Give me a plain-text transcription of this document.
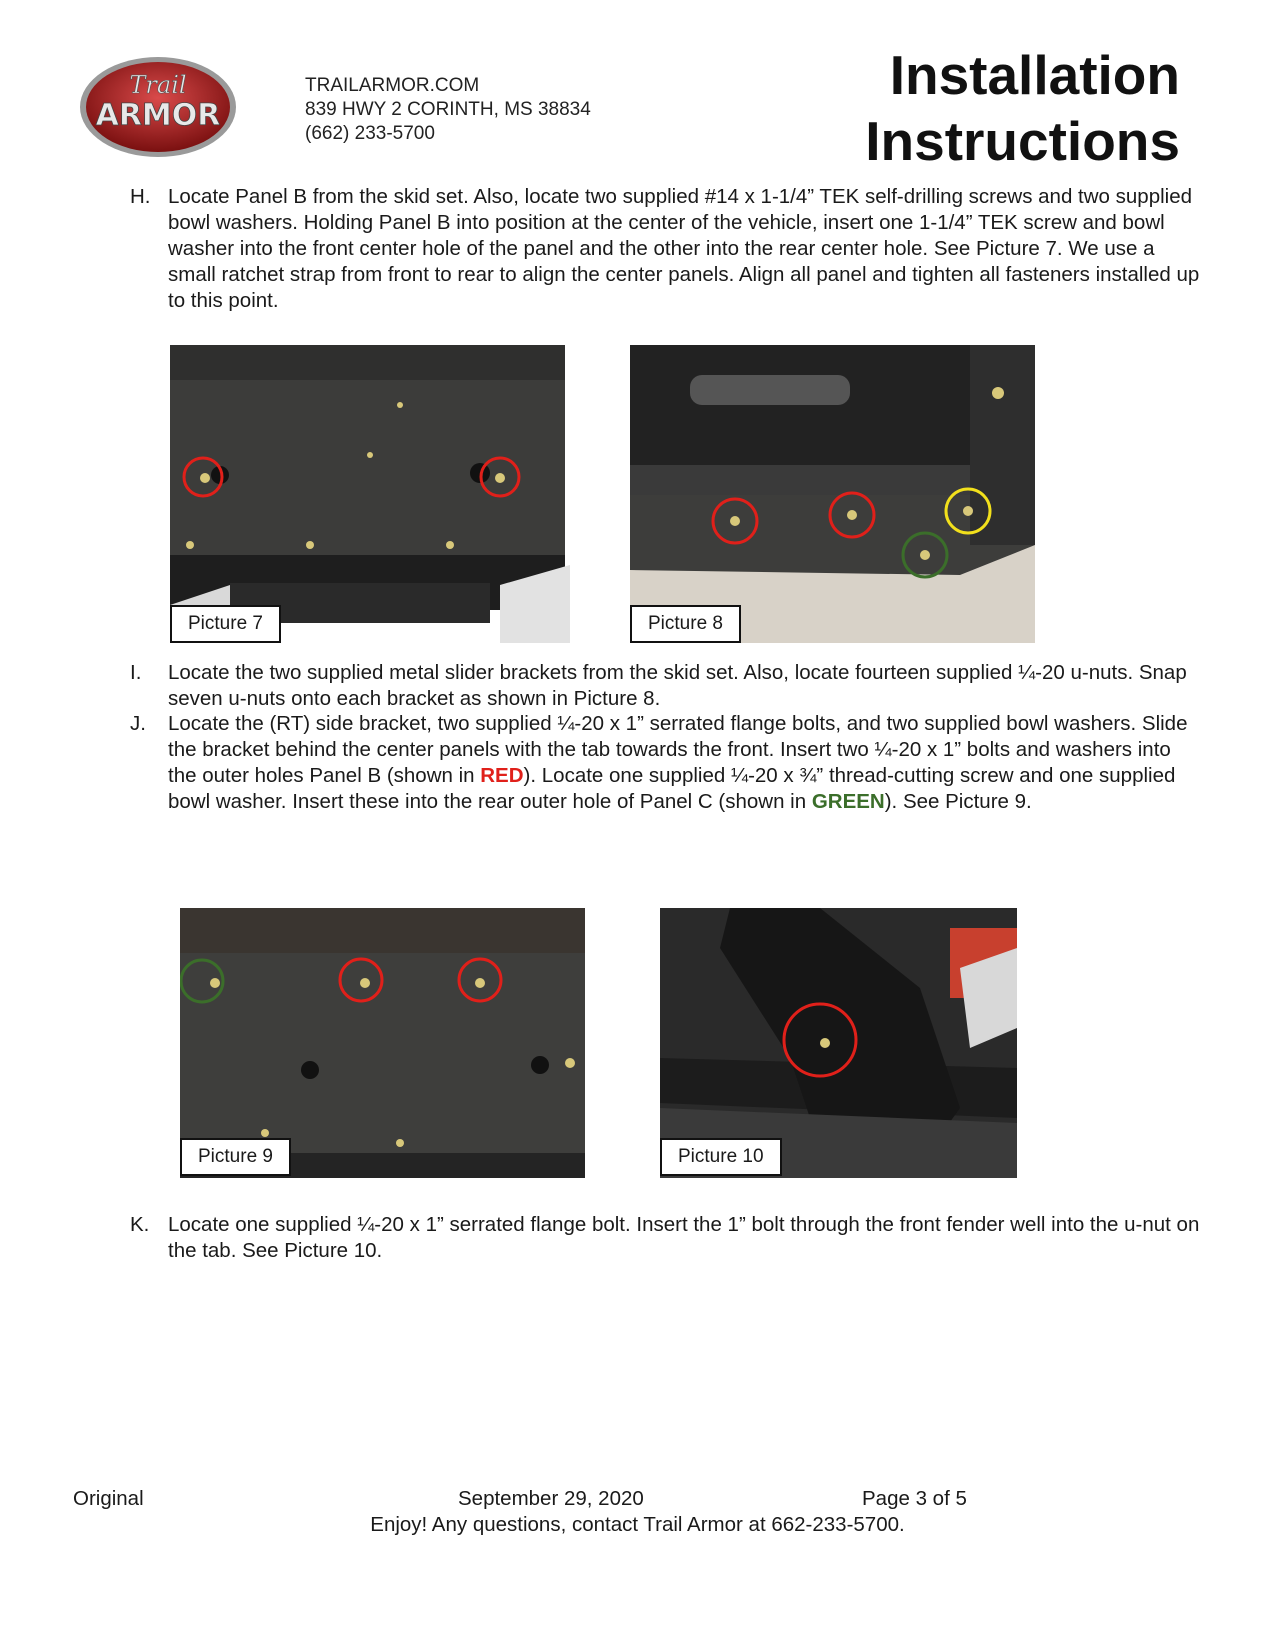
Trail
ARMOR
TRAILARMOR.COM
839 HWY 2 CORINTH, MS 38834
(662) 233-5700
Installation
Instructions
H. Locate Panel B from the skid set. Also, locate two supplied #14 x 1-1/4” TEK self-drilling screws and two supplied bowl washers. Holding Panel B into position at the center of the vehicle, insert one 1-1/4” TEK screw and bowl washer into the front center hole of the panel and the other into the rear center hole. See Picture 7. We use a small ratchet strap from front to rear to align the center panels. Align all panel and tighten all fasteners installed up to this point.
Picture 7	Picture 8
I.	Locate the two supplied metal slider brackets from the skid set. Also, locate fourteen supplied ¼-20 u-nuts. Snap seven u-nuts onto each bracket as shown in Picture 8.
J.	Locate the (RT) side bracket, two supplied ¼-20 x 1” serrated flange bolts, and two supplied bowl washers. Slide the bracket behind the center panels with the tab towards the front. Insert two ¼-20 x 1” bolts and washers into the outer holes Panel B (shown in RED). Locate one supplied ¼-20 x ¾” thread-cutting screw and one supplied bowl washer. Insert these into the rear outer hole of Panel C (shown in GREEN). See Picture 9.
Picture 9	Picture 10
K. Locate one supplied ¼-20 x 1” serrated flange bolt. Insert the 1” bolt through the front fender well into the u-nut on the tab. See Picture 10.
Original	September 29, 2020	Page 3 of 5
Enjoy! Any questions, contact Trail Armor at 662-233-5700.
